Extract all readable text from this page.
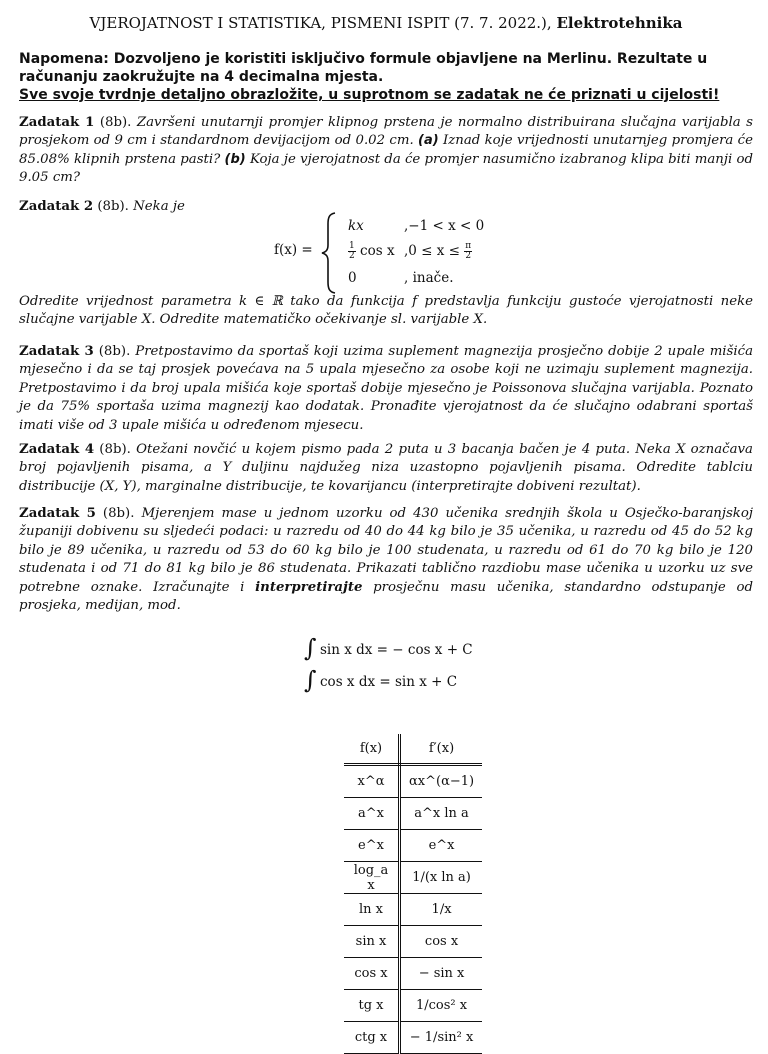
VJEROJATNOST I STATISTIKA, PISMENI ISPIT (7. 7. 2022.), Elektrotehnika
Napomena: Dozvoljeno je koristiti isključivo formule objavljene na Merlinu. Rezultate u računanju zaokružujte na 4 decimalna mjesta.
Sve svoje tvrdnje detaljno obrazložite, u suprotnom se zadatak ne će priznati u cijelosti!
Zadatak 1 (8b). Završeni unutarnji promjer klipnog prstena je normalno distribuirana slučajna varijabla s prosjekom od 9 cm i standardnom devijacijom od 0.02 cm. (a) Iznad koje vrijednosti unutarnjeg promjera će 85.08% klipnih prstena pasti? (b) Koja je vjerojatnost da će promjer nasumično izabranog klipa biti manji od 9.05 cm?
Zadatak 2 (8b). Neka je
f(x) =
kx	,−1 < x < 0
$\frac{1}{2}$ cos x $,0 \le x \le \frac{\pi}{2}$
0	, inače.
Odredite vrijednost parametra k ∈ ℝ tako da funkcija f predstavlja funkciju gustoće vjerojatnosti neke slučajne varijable X. Odredite matematičko očekivanje sl. varijable X.
Zadatak 3 (8b). Pretpostavimo da sportaš koji uzima suplement magnezija prosječno dobije 2 upale mišića mjesečno i da se taj prosjek povećava na 5 upala mjesečno za osobe koji ne uzimaju suplement magnezija. Pretpostavimo i da broj upala mišića koje sportaš dobije mjesečno je Poissonova slučajna varijabla. Poznato je da 75% sportaša uzima magnezij kao dodatak. Pronađite vjerojatnost da će slučajno odabrani sportaš imati više od 3 upale mišića u određenom mjesecu.
Zadatak 4 (8b). Otežani novčić u kojem pismo pada 2 puta u 3 bacanja bačen je 4 puta. Neka X označava broj pojavljenih pisama, a Y duljinu najdužeg niza uzastopno pojavljenih pisama. Odredite tablciu distribucije (X, Y), marginalne distribucije, te kovarijancu (interpretirajte dobiveni rezultat).
Zadatak 5 (8b). Mjerenjem mase u jednom uzorku od 430 učenika srednjih škola u Osječko-baranjskoj županiji dobivenu su sljedeći podaci: u razredu od 40 do 44 kg bilo je 35 učenika, u razredu od 45 do 52 kg bilo je 89 učenika, u razredu od 53 do 60 kg bilo je 100 studenata, u razredu od 61 do 70 kg bilo je 120 studenata i od 71 do 81 kg bilo je 86 studenata. Prikazati tablično razdiobu mase učenika u uzorku uz sve potrebne oznake. Izračunajte i interpretirajte prosječnu masu učenika, standardno odstupanje od prosjeka, medijan, mod.
∫ sin x dx = − cos x + C
∫ cos x dx = sin x + C
f(x)	f′(x)
x^α	αx^(α−1)
a^x	a^x ln a
e^x	e^x
log_a x	1/(x ln a)
ln x	1/x
sin x	cos x
cos x	− sin x
tg x	1/cos² x
ctg x	− 1/sin² x
